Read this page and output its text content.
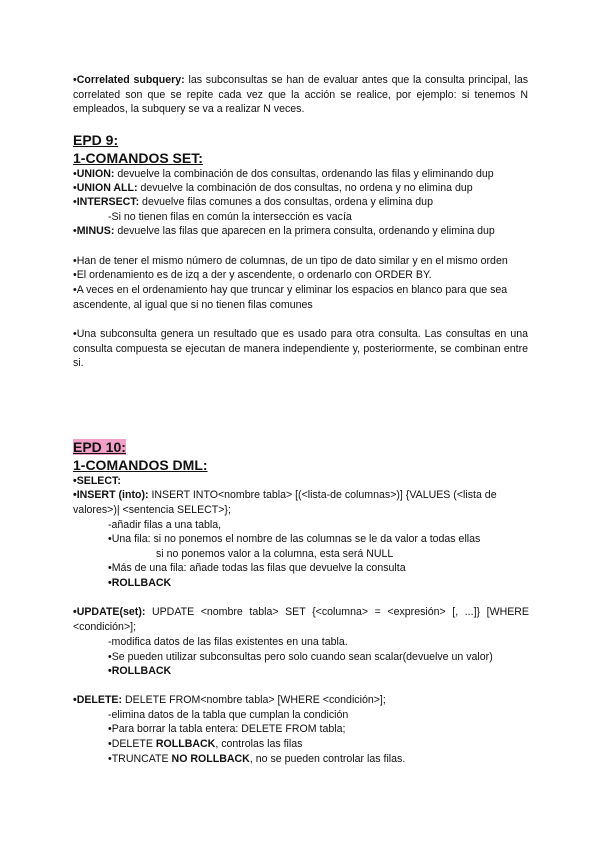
•Correlated subquery: las subconsultas se han de evaluar antes que la consulta principal, las correlated son que se repite cada vez que la acción se realice, por ejemplo: si tenemos N empleados, la subquery se va a realizar N veces.
EPD 9:
1-COMANDOS SET:
•UNION: devuelve la combinación de dos consultas, ordenando las filas y eliminando dup
•UNION ALL: devuelve la combinación de dos consultas, no ordena y no elimina dup
•INTERSECT: devuelve filas comunes a dos consultas, ordena y elimina dup
-Si no tienen filas en común la intersección es vacía
•MINUS: devuelve las filas que aparecen en la primera consulta, ordenando y elimina dup
•Han de tener el mismo número de columnas, de un tipo de dato similar y en el mismo orden
•El ordenamiento es de izq a der y ascendente, o ordenarlo con ORDER BY.
•A veces en el ordenamiento hay que truncar y eliminar los espacios en blanco para que sea ascendente, al igual que si no tienen filas comunes
•Una subconsulta genera un resultado que es usado para otra consulta. Las consultas en una consulta compuesta se ejecutan de manera independiente y, posteriormente, se combinan entre si.
EPD 10:
1-COMANDOS DML:
•SELECT:
•INSERT (into): INSERT INTO<nombre tabla> [(<lista-de columnas>)] {VALUES (<lista de valores>)| <sentencia SELECT>};
-añadir filas a una tabla,
•Una fila: si no ponemos el nombre de las columnas se le da valor a todas ellas
si no ponemos valor a la columna, esta será NULL
•Más de una fila: añade todas las filas que devuelve la consulta
•ROLLBACK
•UPDATE(set): UPDATE <nombre tabla> SET {<columna> = <expresión> [, ...]} [WHERE <condición>];
-modifica datos de las filas existentes en una tabla.
•Se pueden utilizar subconsultas pero solo cuando sean scalar(devuelve un valor)
•ROLLBACK
•DELETE: DELETE FROM<nombre tabla> [WHERE <condición>];
-elimina datos de la tabla que cumplan la condición
•Para borrar la tabla entera: DELETE FROM tabla;
•DELETE ROLLBACK, controlas las filas
•TRUNCATE NO ROLLBACK, no se pueden controlar las filas.
